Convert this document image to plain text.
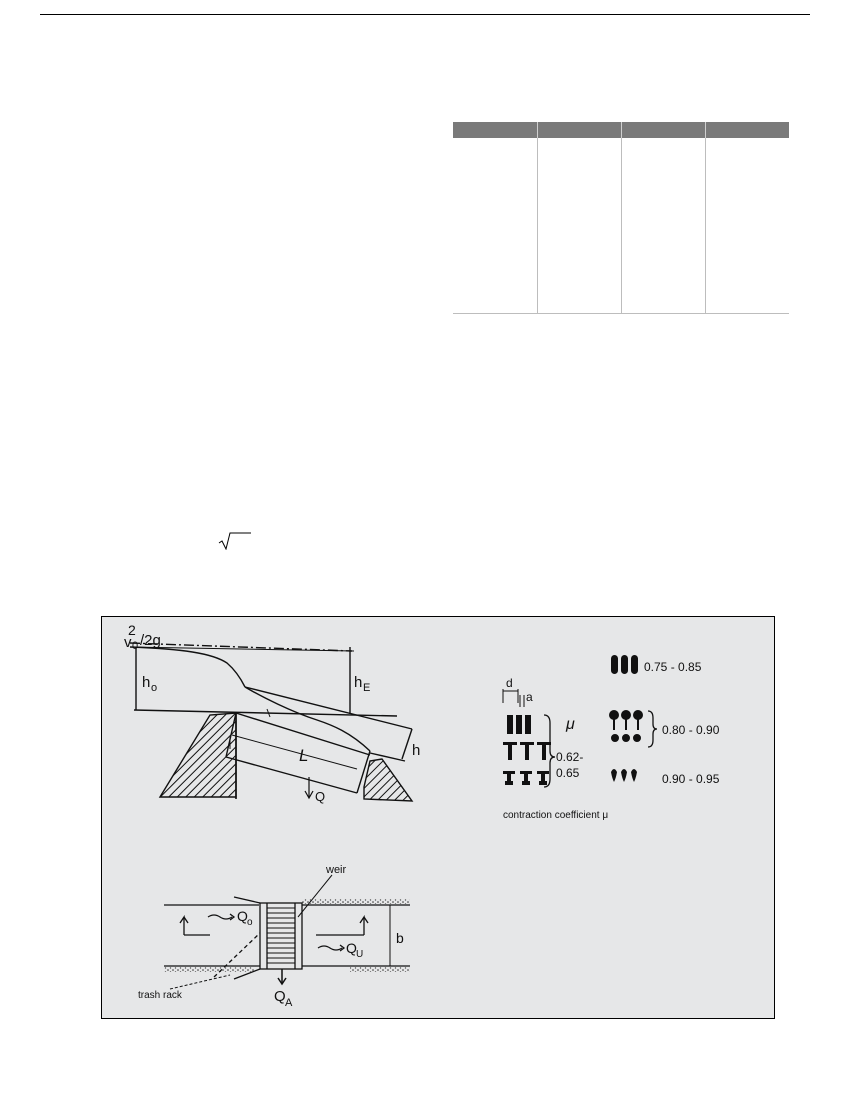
2
v 0 /2g
h o	h E
h
L
Q
weir
Q o
Q U
b
Q A
trash rack
d
a
μ
0.62-
0.65
0.75 - 0.85
0.80 - 0.90
0.90 - 0.95
contraction coefficient μ
